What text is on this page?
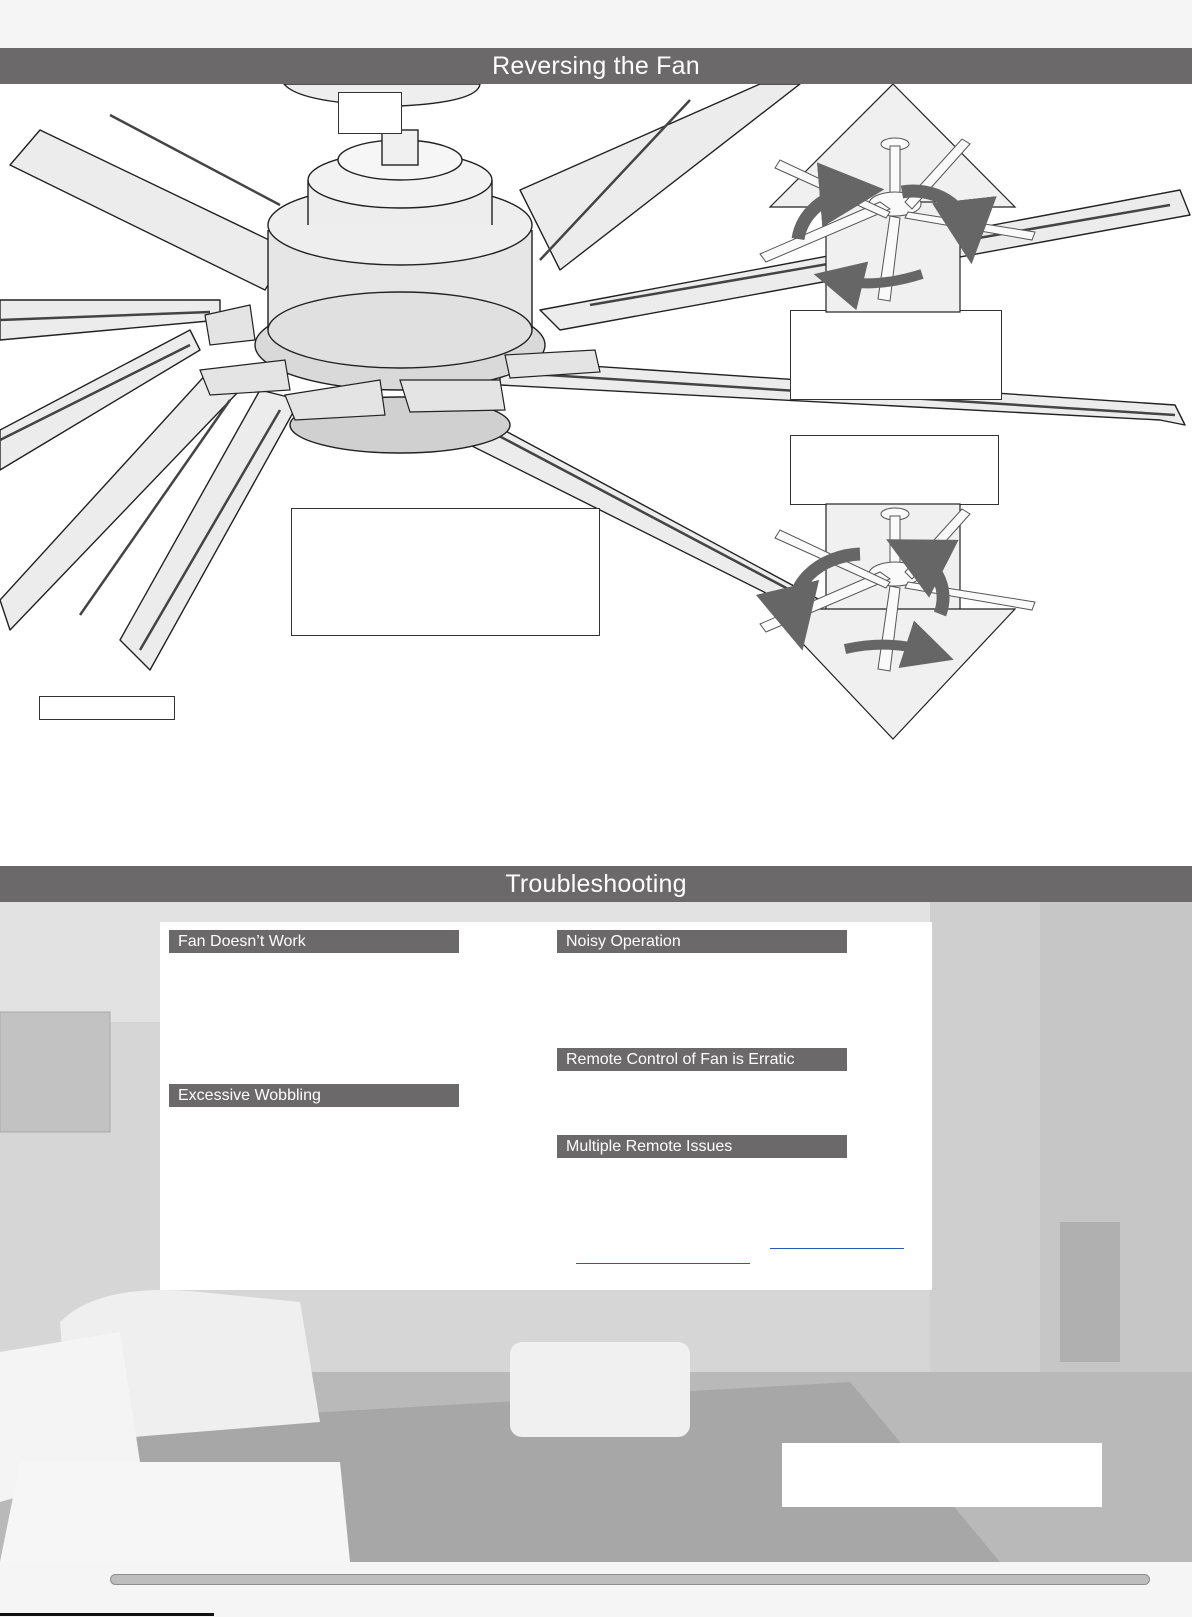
Reversing the Fan
Troubleshooting
Fan Doesn’t Work
Excessive Wobbling
Noisy Operation
Remote Control of Fan is Erratic
Multiple Remote Issues
